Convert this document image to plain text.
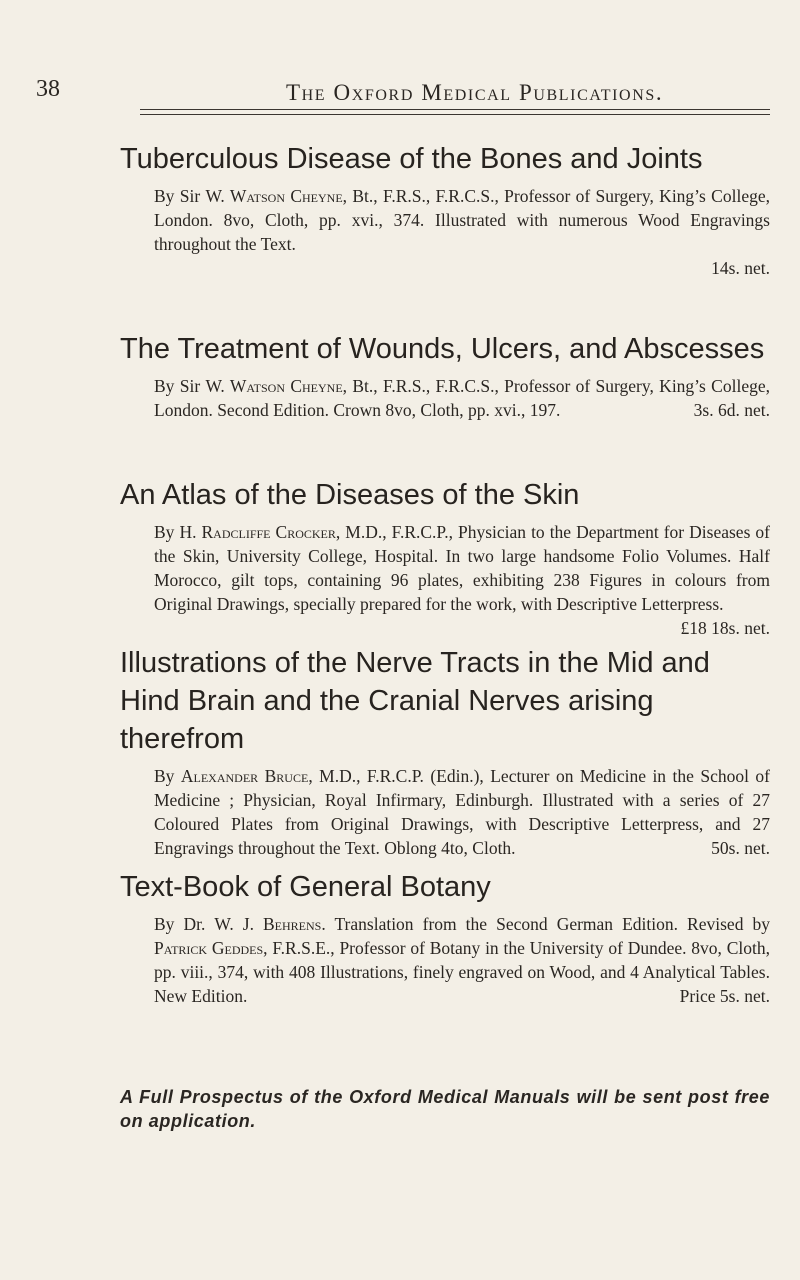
38	The Oxford Medical Publications.
Tuberculous Disease of the Bones and Joints
By Sir W. Watson Cheyne, Bt., F.R.S., F.R.C.S., Professor of Surgery, King’s College, London. 8vo, Cloth, pp. xvi., 374. Illustrated with numerous Wood Engravings throughout the Text.
14s. net.
The Treatment of Wounds, Ulcers, and Abscesses
By Sir W. Watson Cheyne, Bt., F.R.S., F.R.C.S., Professor of Surgery, King’s College, London. Second Edition. Crown 8vo, Cloth, pp. xvi., 197.	3s. 6d. net.
An Atlas of the Diseases of the Skin
By H. Radcliffe Crocker, M.D., F.R.C.P., Physician to the Department for Diseases of the Skin, University College, Hospital. In two large handsome Folio Volumes. Half Morocco, gilt tops, containing 96 plates, exhibiting 238 Figures in colours from Original Drawings, specially prepared for the work, with Descriptive Letterpress.
£18 18s. net.
Illustrations of the Nerve Tracts in the Mid and Hind Brain and the Cranial Nerves arising therefrom
By Alexander Bruce, M.D., F.R.C.P. (Edin.), Lecturer on Medicine in the School of Medicine ; Physician, Royal Infirmary, Edinburgh. Illustrated with a series of 27 Coloured Plates from Original Drawings, with Descriptive Letterpress, and 27 Engravings throughout the Text. Oblong 4to, Cloth.	50s. net.
Text-Book of General Botany
By Dr. W. J. Behrens. Translation from the Second German Edition. Revised by Patrick Geddes, F.R.S.E., Professor of Botany in the University of Dundee. 8vo, Cloth, pp. viii., 374, with 408 Illustrations, finely engraved on Wood, and 4 Analytical Tables. New Edition.	Price 5s. net.
A Full Prospectus of the Oxford Medical Manuals will be sent post free on application.
